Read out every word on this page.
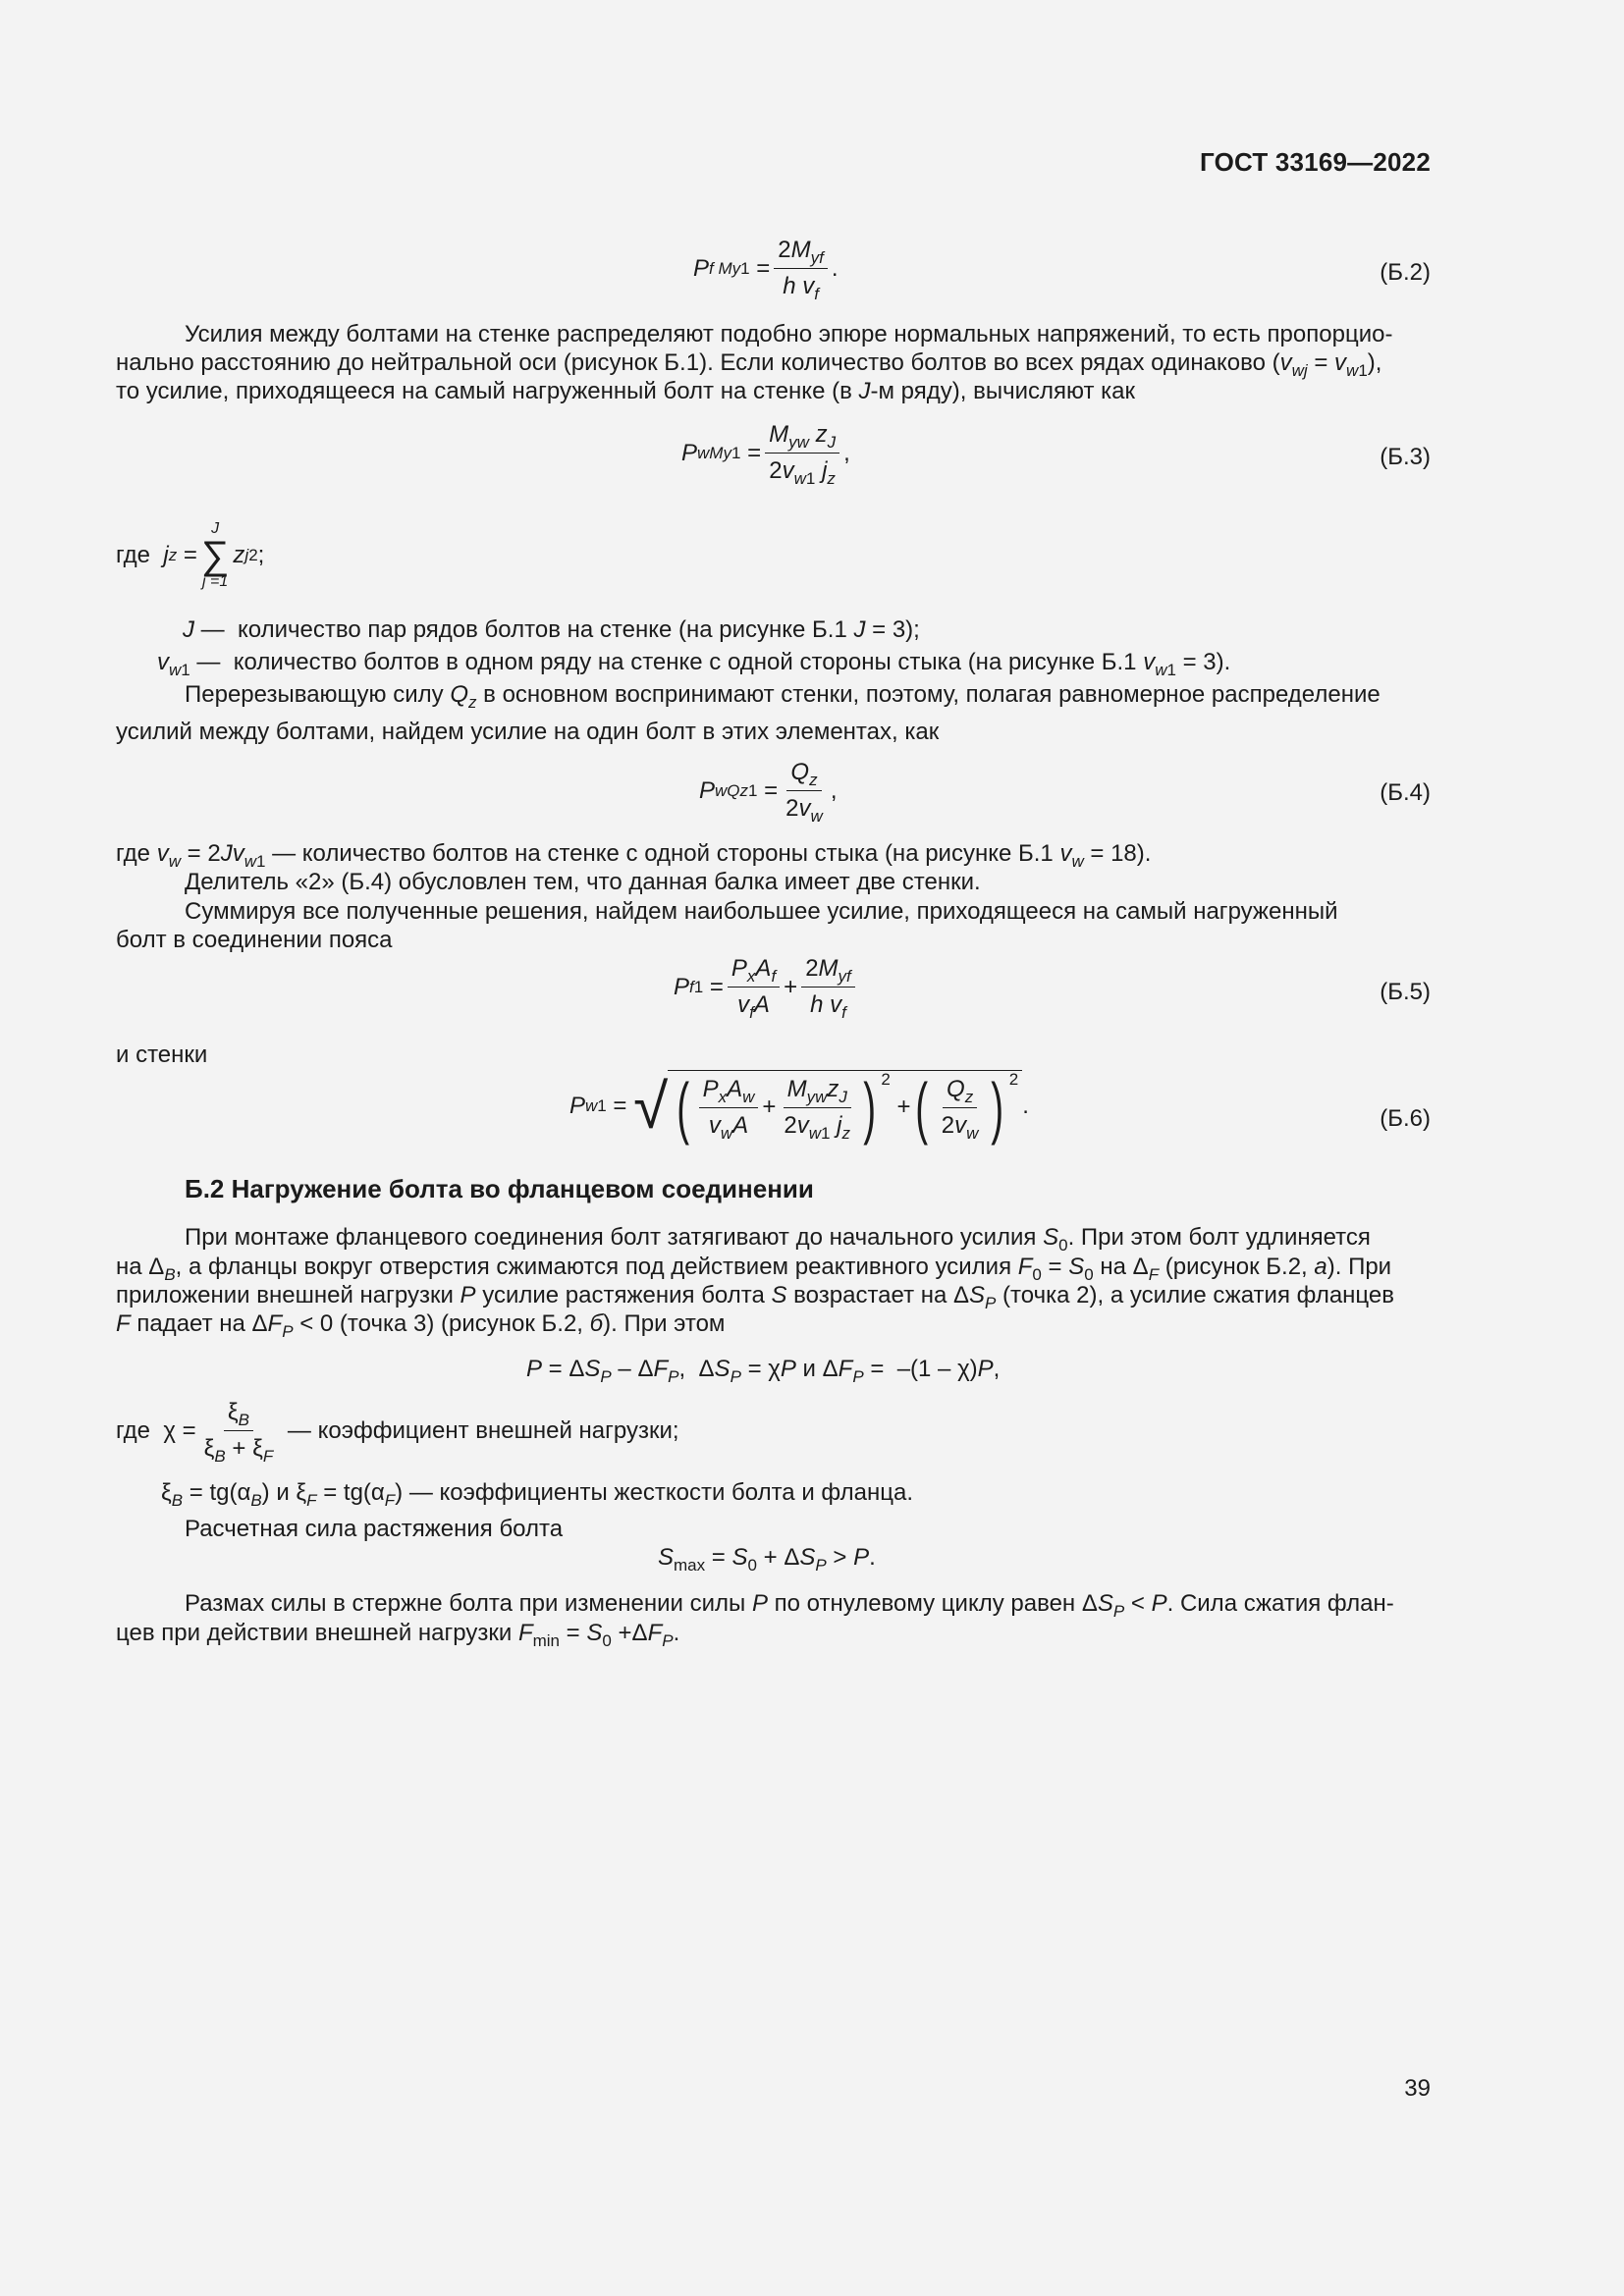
ГОСТ 33169—2022
P f $My1 = \frac{2M_{yf}}{h v_f}$ .	(Б.2)
Усилия между болтами на стенке распределяют подобно эпюре нормальных напряжений, то есть пропорцио-
нально расстоянию до нейтральной оси (рисунок Б.1). Если количество болтов во всех рядах одинаково $(v_{wj} = v_{w1})$,
то усилие, приходящееся на самый нагруженный болт на стенке (в J-м ряду), вычисляют как
P $wMy1 = \frac{M_{yw} z_J}{2v_{w1} j_z}$ ,	(Б.3)
где
j z =
J
∑
j =1
z j 2 ;
J —  количество пар рядов болтов на стенке (на рисунке Б.1 J = 3);
$v_{w1}$ —  количество болтов в одном ряду на стенке с одной стороны стыка (на рисунке Б.1 $v_{w1} = 3$).
Перерезывающую силу $Q_z$ в основном воспринимают стенки, поэтому, полагая равномерное распределение
усилий между болтами, найдем усилие на один болт в этих элементах, как
P $wQz1 = \frac{Q_z}{2v_w}$ ,	(Б.4)
где $v_w = 2Jv_{w1}$ — количество болтов на стенке с одной стороны стыка (на рисунке Б.1 $v_w = 18$).
Делитель «2» (Б.4) обусловлен тем, что данная балка имеет две стенки.
Суммируя все полученные решения, найдем наибольшее усилие, приходящееся на самый нагруженный
болт в соединении пояса
P $f1 = \frac{P_xA_f}{v_fA} + \frac{2M_{yf}}{h v_f}$	(Б.5)
и стенки
P w1 = √ ( $\frac{P_xA_w}{v_wA} + \frac{M_{yw}z_J}{2v_{w1} j_z}$ ) $^2$
+ ( $\frac{Q_z}{2v_w}$ ) $^2$
.	(Б.6)
Б.2 Нагружение болта во фланцевом соединении
При монтаже фланцевого соединения болт затягивают до начального усилия $S_0$. При этом болт удлиняется
на $\Delta_B$, а фланцы вокруг отверстия сжимаются под действием реактивного усилия $F_0 = S_0$ на $\Delta_F$ (рисунок Б.2, а). При
приложении внешней нагрузки P усилие растяжения болта S возрастает на $\Delta S_P$ (точка 2), а усилие сжатия фланцев
F падает на $\Delta F_P < 0$ (точка 3) (рисунок Б.2, б). При этом
$P = \Delta S_P - \Delta F_P$,  $\Delta S_P = \chi P$ и $\Delta F_P = -(1 - \chi)P$,
где $\chi = \frac{\xi_B}{\xi_B + \xi_F}$
— коэффициент внешней нагрузки;
$\xi_B = tg(\alpha_B)$ и $\xi_F = tg(\alpha_F)$ — коэффициенты жесткости болта и фланца.
Расчетная сила растяжения болта
$S_{max} = S_0 + \Delta S_P > P$.
Размах силы в стержне болта при изменении силы P по отнулевому циклу равен $\Delta S_P < P$. Сила сжатия флан-
цев при действии внешней нагрузки $F_{min} = S_0 +\Delta F_P$.
39
